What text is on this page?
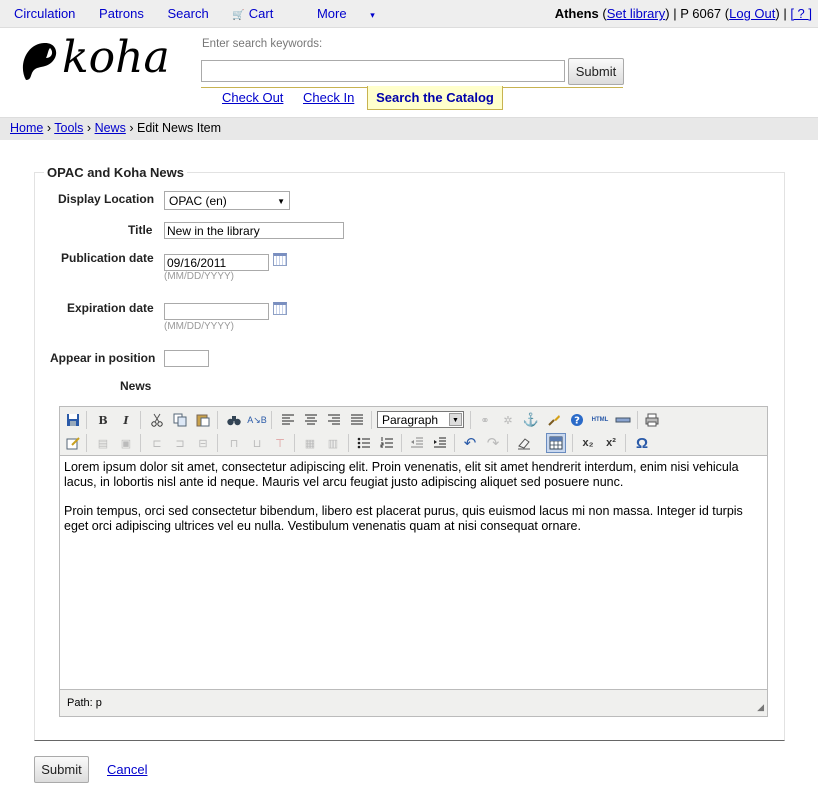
Circulation Patrons Search 🛒 Cart	More	▾	Athens (Set library) | P 6067 (Log Out) | [ ? ]
koha	Enter search keywords:
Submit
Check Out Check In	Search the Catalog
Home › Tools › News › Edit News Item
OPAC and Koha News
Display Location	OPAC (en)	▼
Title New in the library
Publication date 09/16/2011
(MM/DD/YYYY)
Expiration date
(MM/DD/YYYY)
Appear in position
News
B	I	A↘B	Paragraph	▼	⚭	✲ ⚓	? HTML
▤	▣	⊏	⊐	⊟	⊓	⊔	⊤	▦	▥	↶ ↷	x₂	x² Ω

Lorem ipsum dolor sit amet, consectetur adipiscing elit. Proin venenatis, elit sit amet hendrerit interdum, enim nisi vehicula lacus, in lobortis nisl ante id neque. Mauris vel arcu feugiat justo adipiscing aliquet sed posuere nunc.

Proin tempus, orci sed consectetur bibendum, libero est placerat purus, quis euismod lacus mi non massa. Integer id turpis eget orci adipiscing ultrices vel eu nulla. Vestibulum venenatis quam at nisi consequat ornare.

Path: p	◢
Submit	Cancel
